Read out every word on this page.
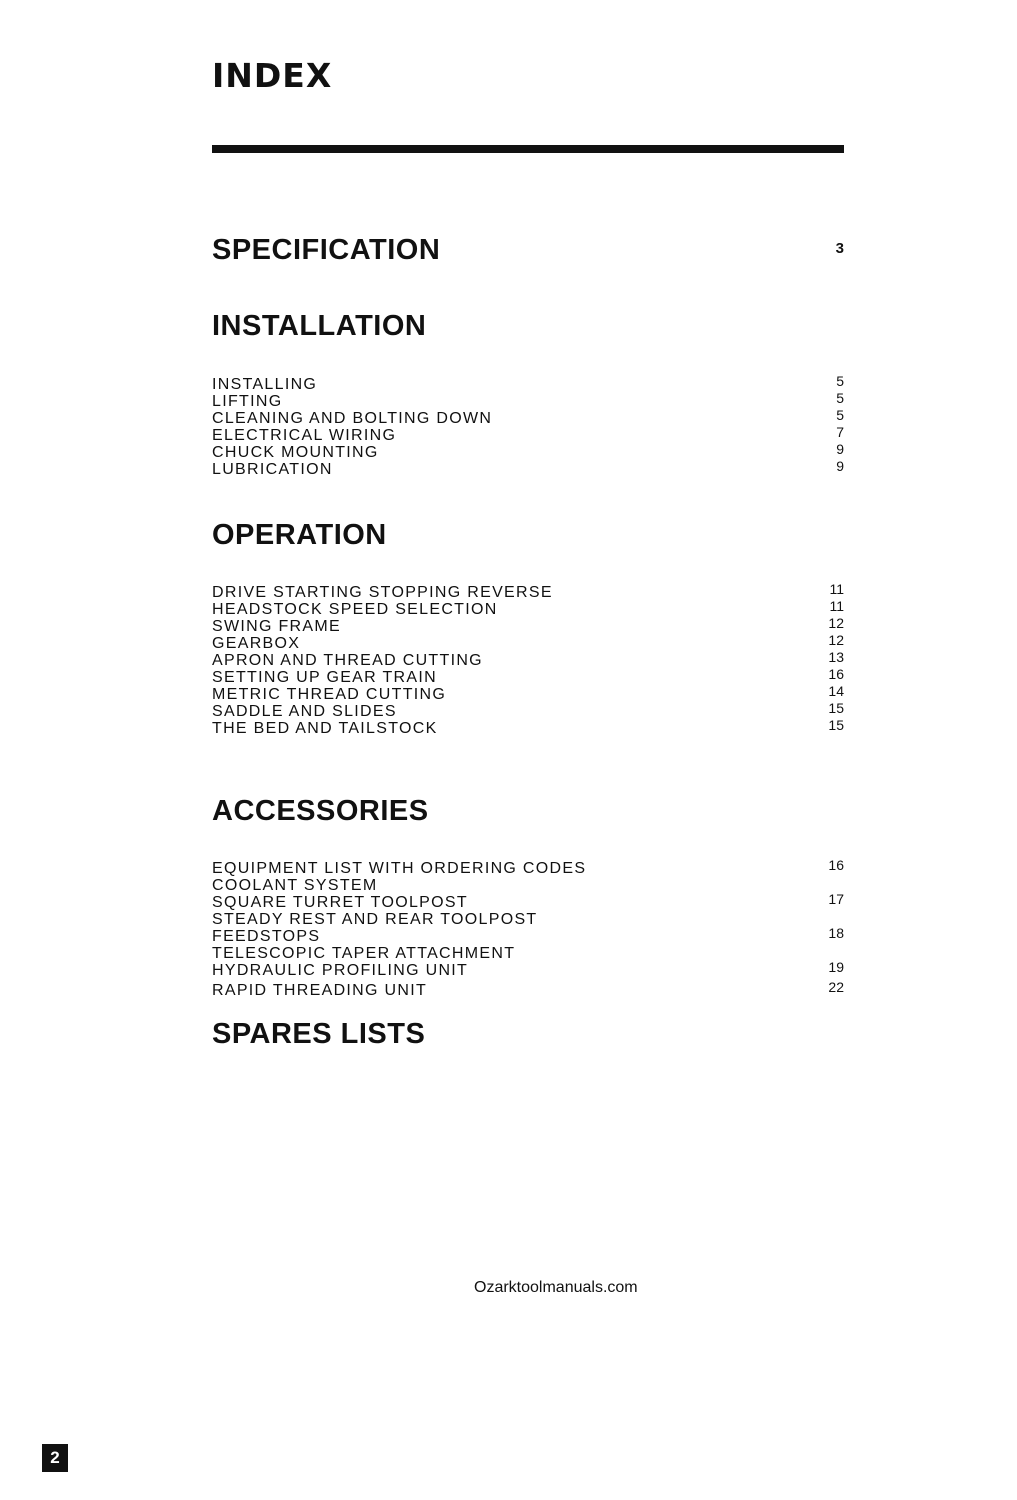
INDEX
SPECIFICATION	3
INSTALLATION
INSTALLING	5
LIFTING	5
CLEANING AND BOLTING DOWN	5
ELECTRICAL WIRING	7
CHUCK MOUNTING	9
LUBRICATION	9
OPERATION
DRIVE STARTING STOPPING REVERSE	11
HEADSTOCK SPEED SELECTION	11
SWING FRAME	12
GEARBOX	12
APRON AND THREAD CUTTING	13
SETTING UP GEAR TRAIN	16
METRIC THREAD CUTTING	14
SADDLE AND SLIDES	15
THE BED AND TAILSTOCK	15
ACCESSORIES
EQUIPMENT LIST WITH ORDERING CODES	16
COOLANT SYSTEM
SQUARE TURRET TOOLPOST	17
STEADY REST AND REAR TOOLPOST
FEEDSTOPS	18
TELESCOPIC TAPER ATTACHMENT
HYDRAULIC PROFILING UNIT	19
RAPID THREADING UNIT	22
SPARES LISTS
Ozarktoolmanuals.com
2
